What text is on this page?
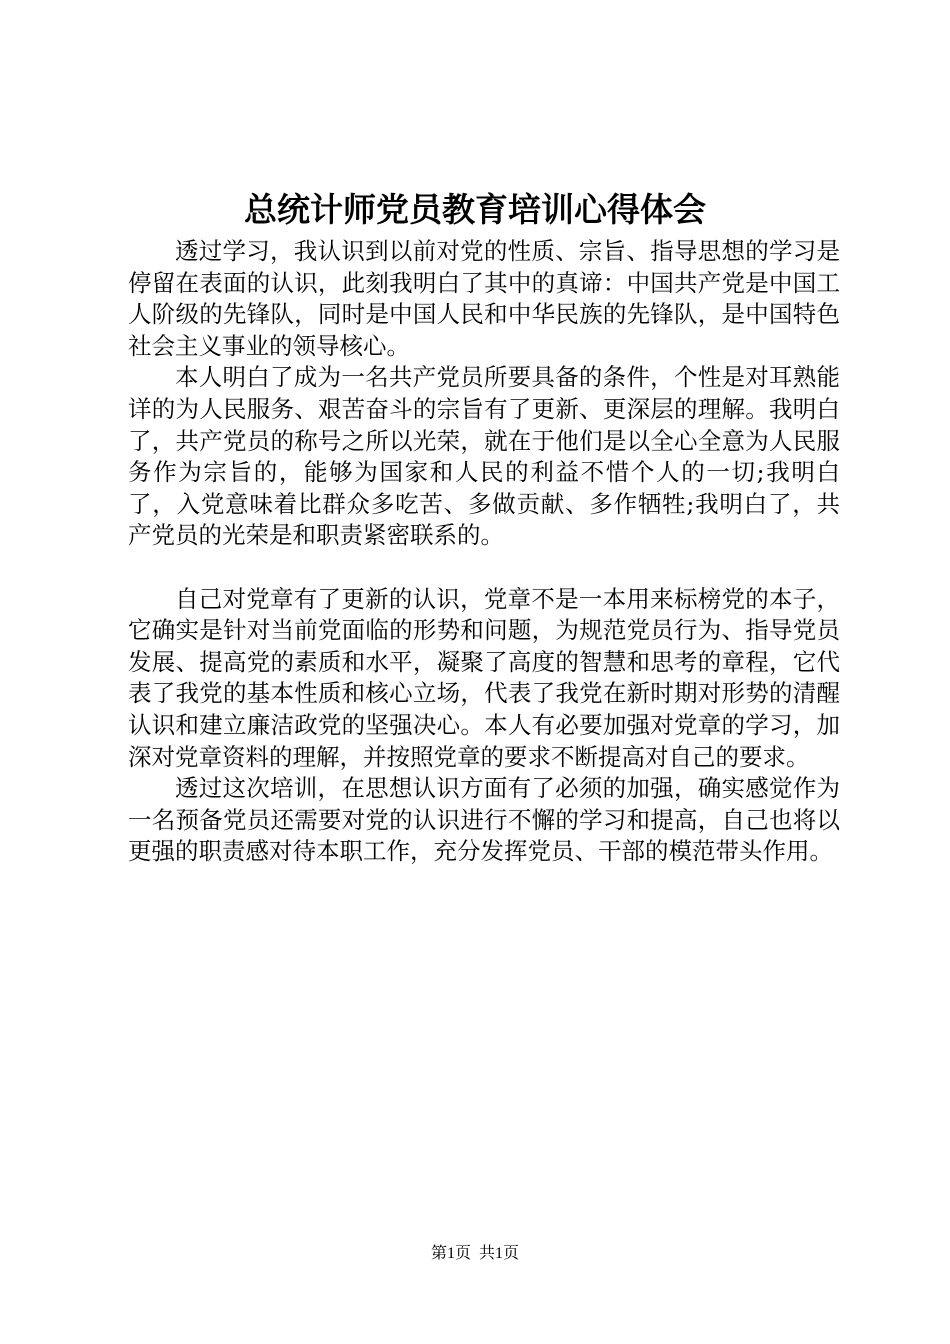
总统计师党员教育培训心得体会

透过学习，我认识到以前对党的性质、宗旨、指导思想的学习是停留在表面的认识，此刻我明白了其中的真谛：中国共产党是中国工人阶级的先锋队，同时是中国人民和中华民族的先锋队，是中国特色社会主义事业的领导核心。

本人明白了成为一名共产党员所要具备的条件，个性是对耳熟能详的为人民服务、艰苦奋斗的宗旨有了更新、更深层的理解。我明白了，共产党员的称号之所以光荣，就在于他们是以全心全意为人民服务作为宗旨的，能够为国家和人民的利益不惜个人的一切;我明白了，入党意味着比群众多吃苦、多做贡献、多作牺牲;我明白了，共产党员的光荣是和职责紧密联系的。

自己对党章有了更新的认识，党章不是一本用来标榜党的本子，它确实是针对当前党面临的形势和问题，为规范党员行为、指导党员发展、提高党的素质和水平，凝聚了高度的智慧和思考的章程，它代表了我党的基本性质和核心立场，代表了我党在新时期对形势的清醒认识和建立廉洁政党的坚强决心。本人有必要加强对党章的学习，加深对党章资料的理解，并按照党章的要求不断提高对自己的要求。

透过这次培训，在思想认识方面有了必须的加强，确实感觉作为一名预备党员还需要对党的认识进行不懈的学习和提高，自己也将以更强的职责感对待本职工作，充分发挥党员、干部的模范带头作用。

第1页 共1页
